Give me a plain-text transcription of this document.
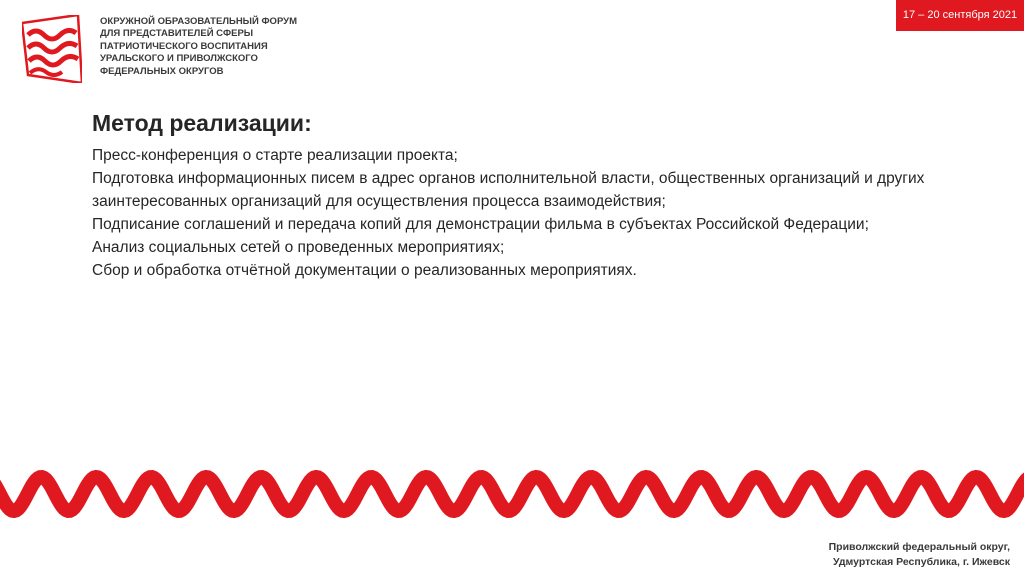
ОКРУЖНОЙ ОБРАЗОВАТЕЛЬНЫЙ ФОРУМ
ДЛЯ ПРЕДСТАВИТЕЛЕЙ СФЕРЫ
ПАТРИОТИЧЕСКОГО ВОСПИТАНИЯ
УРАЛЬСКОГО И ПРИВОЛЖСКОГО
ФЕДЕРАЛЬНЫХ ОКРУГОВ
17 – 20 сентября 2021
Метод реализации:

Пресс-конференция о старте реализации проекта;

Подготовка информационных писем в адрес органов исполнительной власти, общественных организаций и других заинтересованных организаций для осуществления процесса взаимодействия;

Подписание соглашений и передача копий для демонстрации фильма в субъектах Российской Федерации;

Анализ социальных сетей о проведенных мероприятиях;

Сбор и обработка отчётной документации о реализованных мероприятиях.

Приволжский федеральный округ,
Удмуртская Республика, г. Ижевск
